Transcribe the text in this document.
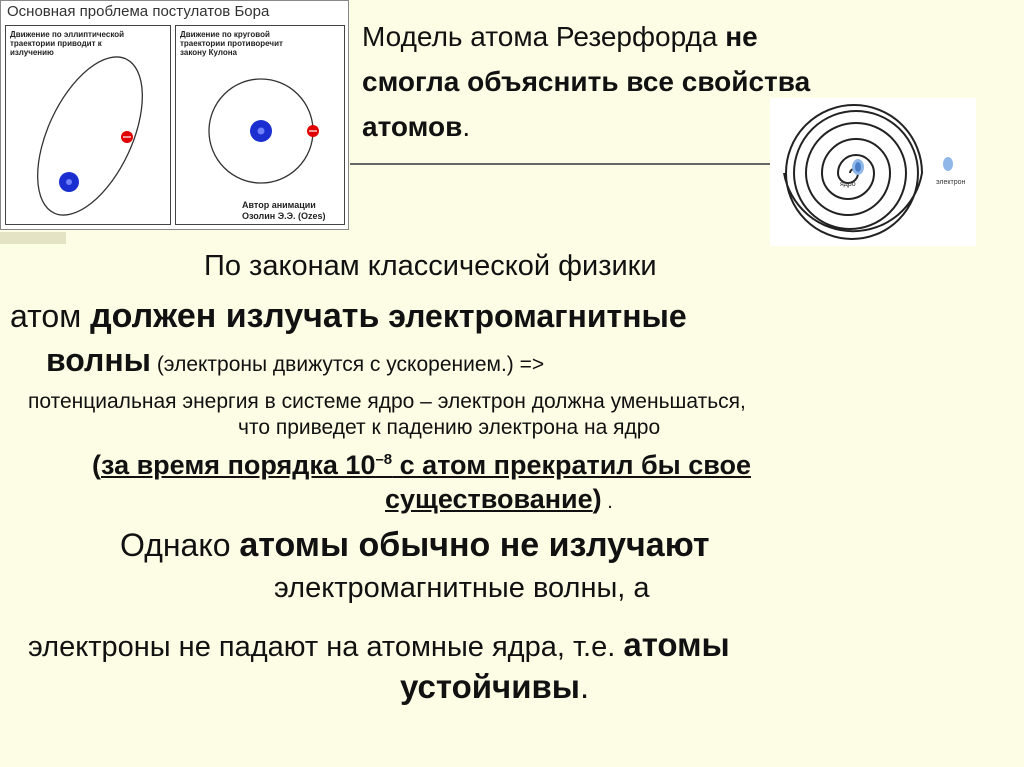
Основная проблема постулатов Бора
Движение по эллиптической
траектории приводит к
излучению
Движение по круговой
траектории противоречит
закону Кулона
Автор анимации
Озолин Э.Э. (Ozes)
Модель атома Резерфорда не смогла объяснить все свойства атомов.
ядро	электрон
По законам классической физики
атом должен излучать электромагнитные
волны (электроны движутся с ускорением.) =>
потенциальная энергия в системе ядро – электрон должна уменьшаться,
что приведет к падению электрона на ядро
(за время порядка $10^{-8}$ с атом прекратил бы свое
существование) .
Однако атомы обычно не излучают
электромагнитные волны, а
электроны не падают на атомные ядра, т.е. атомы
устойчивы.
